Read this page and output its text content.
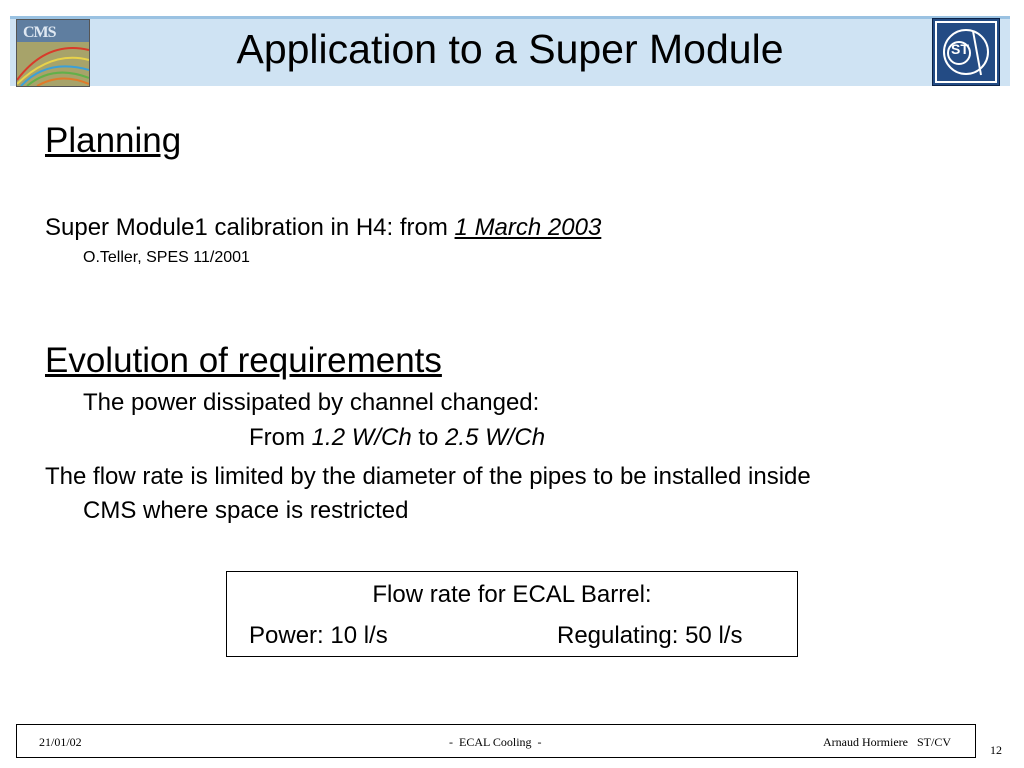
CMS	Application to a Super Module	ST
Planning
Super Module1 calibration in H4: from 1 March 2003
O.Teller, SPES 11/2001
Evolution of requirements
The power dissipated by channel changed:
From 1.2 W/Ch to 2.5 W/Ch
The flow rate is limited by the diameter of the pipes to be installed inside
CMS where space is restricted
Flow rate for ECAL Barrel:
Power: 10 l/s	Regulating: 50 l/s
21/01/02	-  ECAL Cooling  -	Arnaud Hormiere   ST/CV
12
